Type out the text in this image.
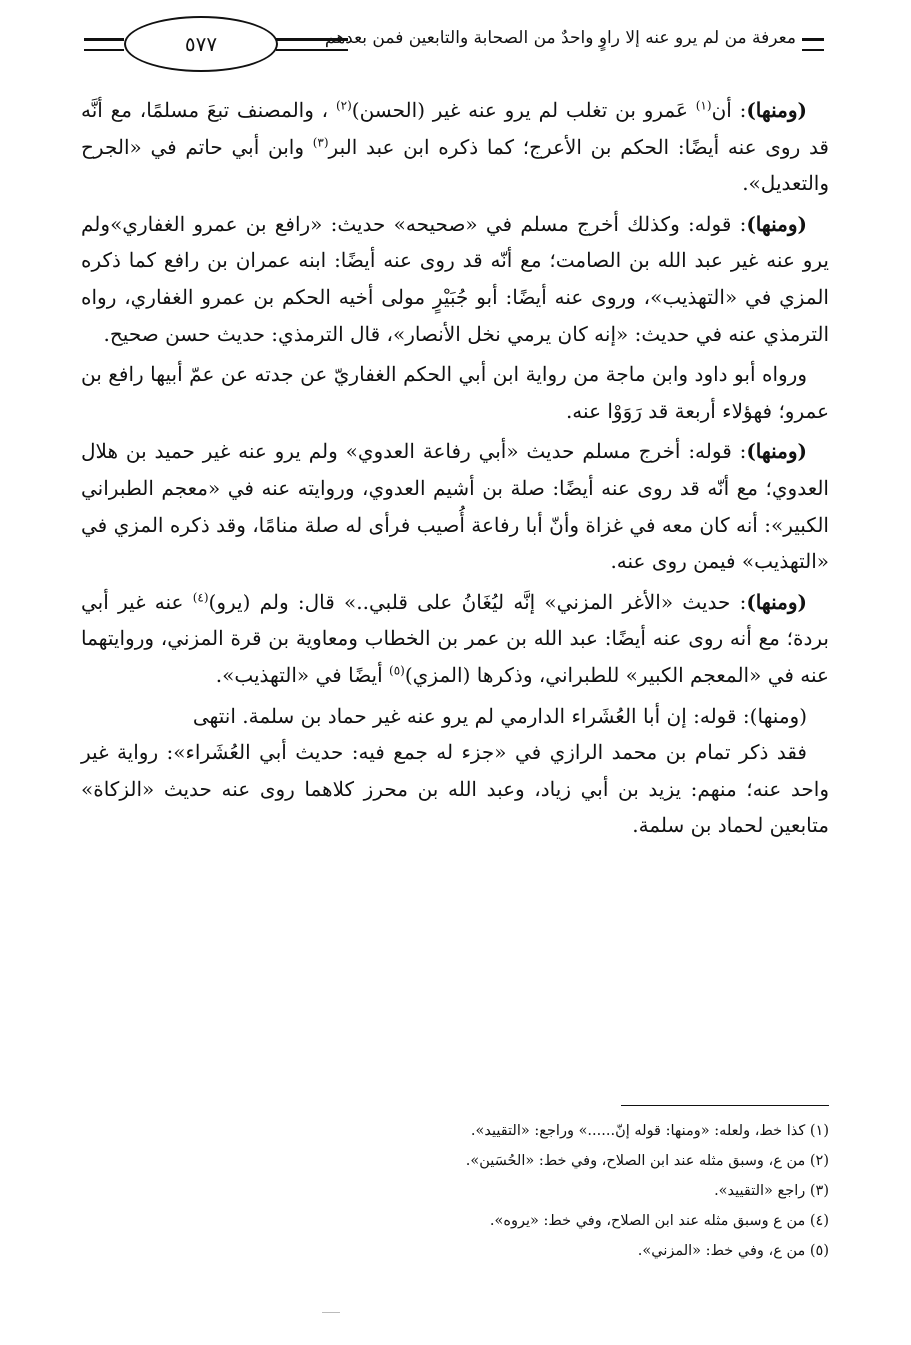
معرفة من لم يرو عنه إلا راوٍ واحدٌ من الصحابة والتابعين فمن بعدهم
٥٧٧

(ومنها): أن$^{(١)}$ عَمرو بن تغلب لم يرو عنه غير (الحسن)$^{(٢)}$ ، والمصنف تبعَ مسلمًا، مع أنَّه قد روى عنه أيضًا: الحكم بن الأعرج؛ كما ذكره ابن عبد البر$^{(٣)}$ وابن أبي حاتم في «الجرح والتعديل».

(ومنها): قوله: وكذلك أخرج مسلم في «صحيحه» حديث: «رافع بن عمرو الغفاري»ولم يرو عنه غير عبد الله بن الصامت؛ مع أنّه قد روى عنه أيضًا: ابنه عمران بن رافع كما ذكره المزي في «التهذيب»، وروى عنه أيضًا: أبو جُبَيْرٍ مولى أخيه الحكم بن عمرو الغفاري، رواه الترمذي عنه في حديث: «إنه كان يرمي نخل الأنصار»، قال الترمذي: حديث حسن صحيح.

ورواه أبو داود وابن ماجة من رواية ابن أبي الحكم الغفاريّ عن جدته عن عمّ أبيها رافع بن عمرو؛ فهؤلاء أربعة قد رَوَوْا عنه.

(ومنها): قوله: أخرج مسلم حديث «أبي رفاعة العدوي» ولم يرو عنه غير حميد بن هلال العدوي؛ مع أنّه قد روى عنه أيضًا: صلة بن أشيم العدوي، وروايته عنه في «معجم الطبراني الكبير»: أنه كان معه في غزاة وأنّ أبا رفاعة أُصيب فرأى له صلة منامًا، وقد ذكره المزي في «التهذيب» فيمن روى عنه.

(ومنها): حديث «الأغر المزني» إنَّه ليُغَانُ على قلبي..» قال: ولم (يرو)$^{(٤)}$ عنه غير أبي بردة؛ مع أنه روى عنه أيضًا: عبد الله بن عمر بن الخطاب ومعاوية بن قرة المزني، وروايتهما عنه في «المعجم الكبير» للطبراني، وذكرها (المزي)$^{(٥)}$ أيضًا في «التهذيب».

(ومنها): قوله: إن أبا العُشَراء الدارمي لم يرو عنه غير حماد بن سلمة. انتهى

فقد ذكر تمام بن محمد الرازي في «جزء له جمع فيه: حديث أبي العُشَراء»: رواية غير واحد عنه؛ منهم: يزيد بن أبي زياد، وعبد الله بن محرز كلاهما روى عنه حديث «الزكاة» متابعين لحماد بن سلمة.

(١) كذا خط، ولعله: «ومنها: قوله إنّ......» وراجع: «التقييد».
(٢) من ع، وسبق مثله عند ابن الصلاح، وفي خط: «الحُسَين».
(٣) راجع «التقييد».
(٤) من ع وسبق مثله عند ابن الصلاح، وفي خط: «يروه».
(٥) من ع، وفي خط: «المزني».
